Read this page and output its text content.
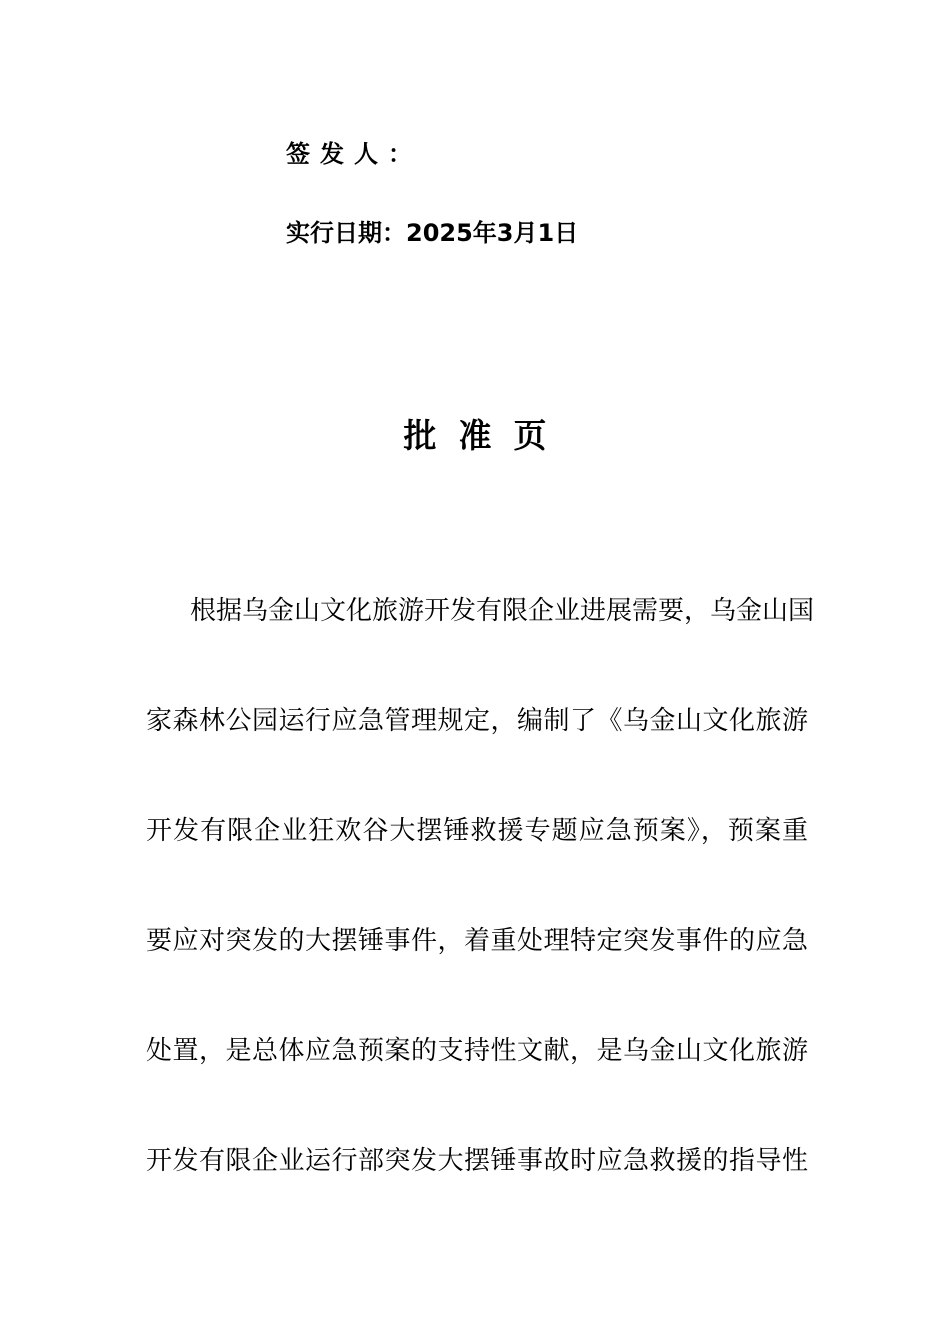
签发人：
实行日期：2025年3月1日
批准页
根据乌金山文化旅游开发有限企业进展需要，乌金山国
家森林公园运行应急管理规定，编制了《乌金山文化旅游
开发有限企业狂欢谷大摆锤救援专题应急预案》，预案重
要应对突发的大摆锤事件，着重处理特定突发事件的应急
处置，是总体应急预案的支持性文献，是乌金山文化旅游
开发有限企业运行部突发大摆锤事故时应急救援的指导性
